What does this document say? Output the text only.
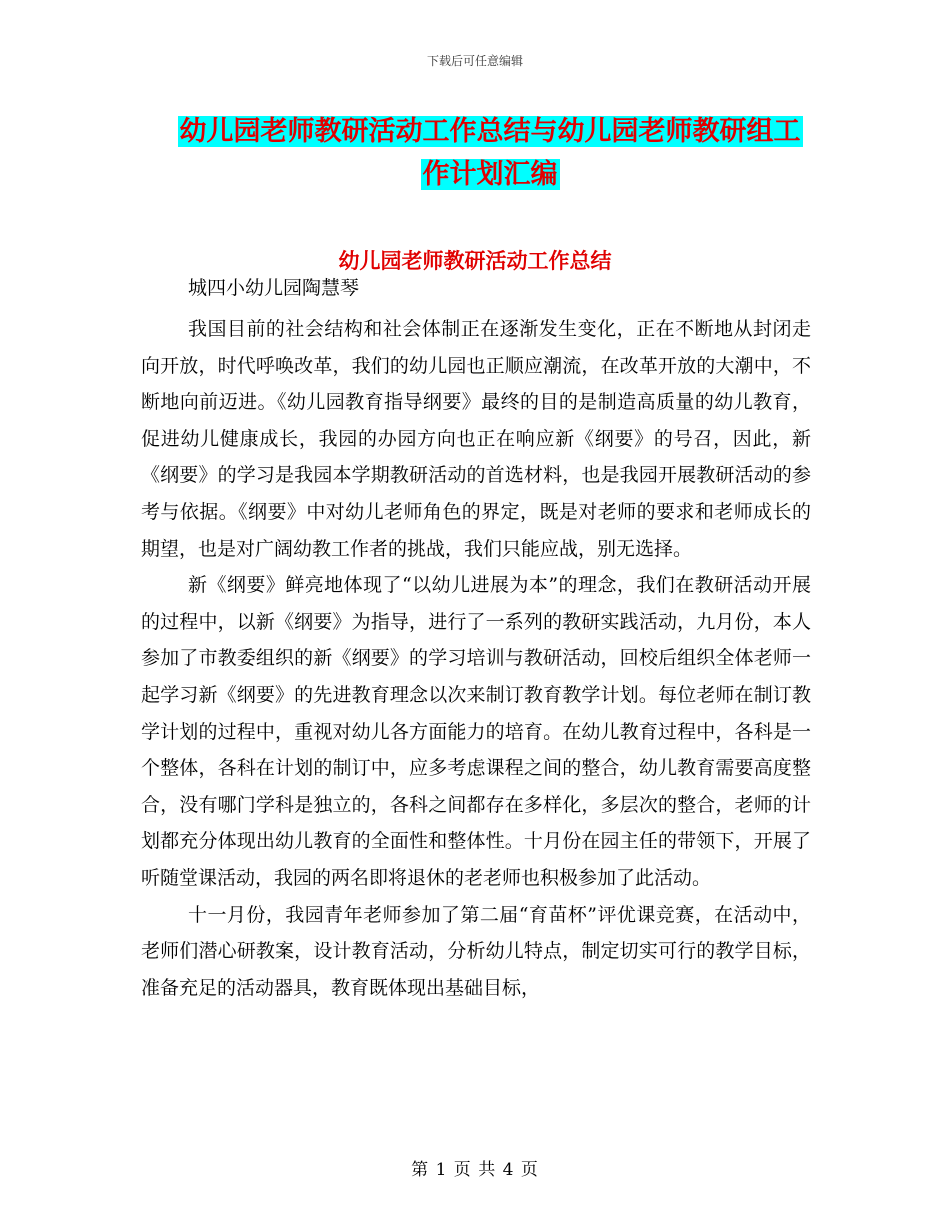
下载后可任意编辑
幼儿园老师教研活动工作总结与幼儿园老师教研组工
作计划汇编
幼儿园老师教研活动工作总结
城四小幼儿园陶慧琴

我国目前的社会结构和社会体制正在逐渐发生变化，正在不断地从封闭走向开放，时代呼唤改革，我们的幼儿园也正顺应潮流，在改革开放的大潮中，不断地向前迈进。《幼儿园教育指导纲要》最终的目的是制造高质量的幼儿教育，促进幼儿健康成长，我园的办园方向也正在响应新《纲要》的号召，因此，新《纲要》的学习是我园本学期教研活动的首选材料，也是我园开展教研活动的参考与依据。《纲要》中对幼儿老师角色的界定，既是对老师的要求和老师成长的期望，也是对广阔幼教工作者的挑战，我们只能应战，别无选择。

新《纲要》鲜亮地体现了“以幼儿进展为本”的理念，我们在教研活动开展的过程中，以新《纲要》为指导，进行了一系列的教研实践活动，九月份，本人参加了市教委组织的新《纲要》的学习培训与教研活动，回校后组织全体老师一起学习新《纲要》的先进教育理念以次来制订教育教学计划。每位老师在制订教学计划的过程中，重视对幼儿各方面能力的培育。在幼儿教育过程中，各科是一个整体，各科在计划的制订中，应多考虑课程之间的整合，幼儿教育需要高度整合，没有哪门学科是独立的，各科之间都存在多样化，多层次的整合，老师的计划都充分体现出幼儿教育的全面性和整体性。十月份在园主任的带领下，开展了听随堂课活动，我园的两名即将退休的老老师也积极参加了此活动。

十一月份，我园青年老师参加了第二届“育苗杯”评优课竞赛，在活动中，老师们潜心研教案，设计教育活动，分析幼儿特点，制定切实可行的教学目标，准备充足的活动器具，教育既体现出基础目标，

第 1 页 共 4 页
